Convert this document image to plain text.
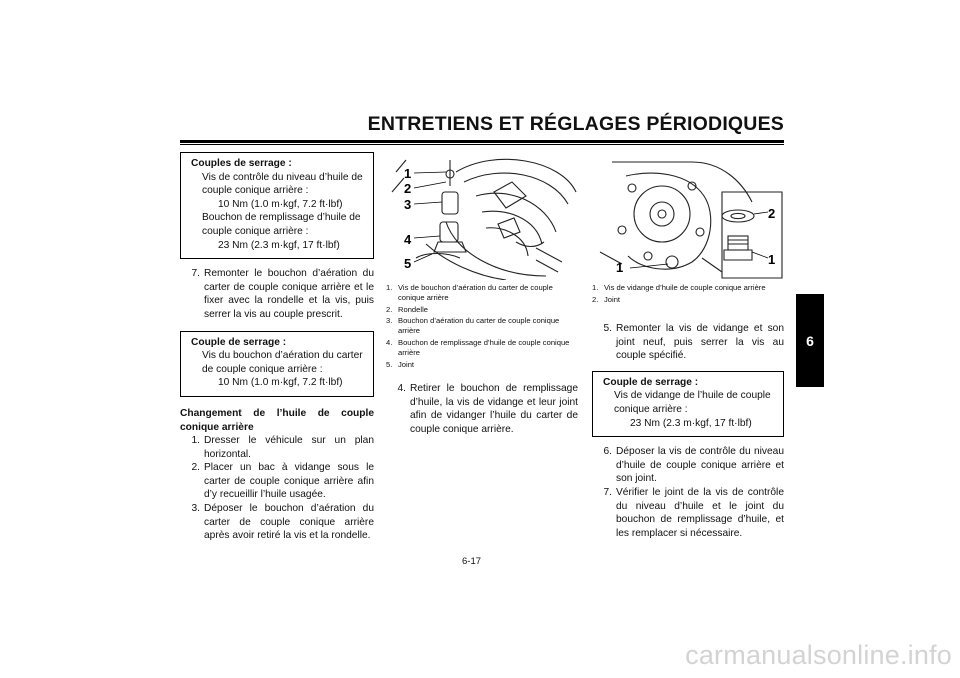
ENTRETIENS ET RÉGLAGES PÉRIODIQUES
6
Couples de serrage :
Vis de contrôle du niveau d’huile de
couple conique arrière :
10 Nm (1.0 m·kgf, 7.2 ft·lbf)
Bouchon de remplissage d’huile de
couple conique arrière :
23 Nm (2.3 m·kgf, 17 ft·lbf)
7. Remonter le bouchon d’aération du carter de couple conique arrière et le fixer avec la rondelle et la vis, puis serrer la vis au couple prescrit.
Couple de serrage :
Vis du bouchon d’aération du carter
de couple conique arrière :
10 Nm (1.0 m·kgf, 7.2 ft·lbf)
Changement de l’huile de couple conique arrière
1. Dresser le véhicule sur un plan horizontal.
2. Placer un bac à vidange sous le carter de couple conique arrière afin d’y recueillir l’huile usagée.
3. Déposer le bouchon d’aération du carter de couple conique arrière après avoir retiré la vis et la rondelle.
1
2
3
4
5
1. Vis de bouchon d’aération du carter de couple conique arrière
2. Rondelle
3. Bouchon d’aération du carter de couple conique arrière
4. Bouchon de remplissage d’huile de couple conique arrière
5. Joint
4. Retirer le bouchon de remplissage d’huile, la vis de vidange et leur joint afin de vidanger l’huile du carter de couple conique arrière.
1
2
1
1. Vis de vidange d’huile de couple conique arrière
2. Joint
5. Remonter la vis de vidange et son joint neuf, puis serrer la vis au couple spécifié.
Couple de serrage :
Vis de vidange de l’huile de couple
conique arrière :
23 Nm (2.3 m·kgf, 17 ft·lbf)
6. Déposer la vis de contrôle du niveau d’huile de couple conique arrière et son joint.
7. Vérifier le joint de la vis de contrôle du niveau d’huile et le joint du bouchon de remplissage d’huile, et les remplacer si nécessaire.
6-17
carmanualsonline.info
